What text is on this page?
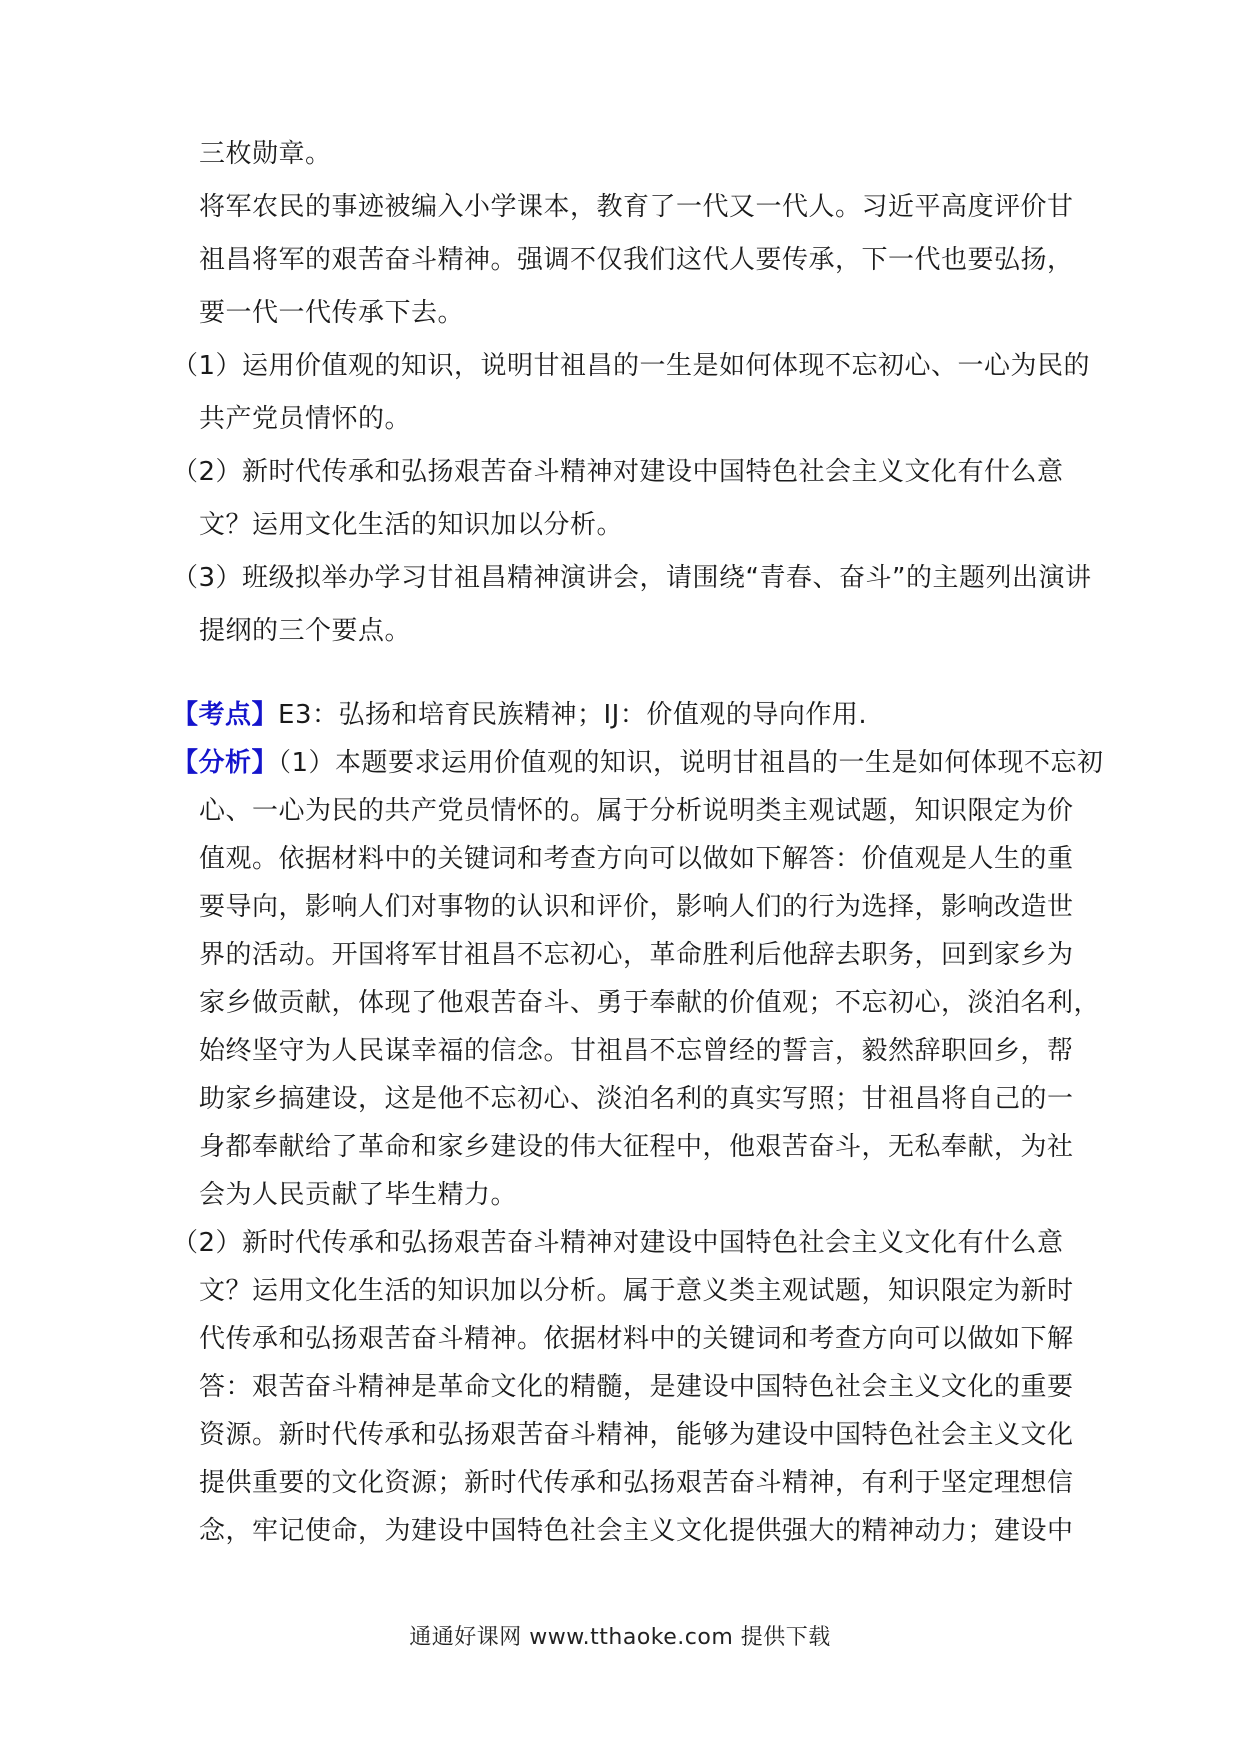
三枚勋章。
将军农民的事迹被编入小学课本，教育了一代又一代人。习近平高度评价甘
祖昌将军的艰苦奋斗精神。强调不仅我们这代人要传承，下一代也要弘扬，
要一代一代传承下去。
（1）运用价值观的知识，说明甘祖昌的一生是如何体现不忘初心、一心为民的
共产党员情怀的。
（2）新时代传承和弘扬艰苦奋斗精神对建设中国特色社会主义文化有什么意
文？运用文化生活的知识加以分析。
（3）班级拟举办学习甘祖昌精神演讲会，请围绕“青春、奋斗”的主题列出演讲
提纲的三个要点。
【考点】E3：弘扬和培育民族精神；IJ：价值观的导向作用.
【分析】（1）本题要求运用价值观的知识，说明甘祖昌的一生是如何体现不忘初
心、一心为民的共产党员情怀的。属于分析说明类主观试题，知识限定为价
值观。依据材料中的关键词和考查方向可以做如下解答：价值观是人生的重
要导向，影响人们对事物的认识和评价，影响人们的行为选择，影响改造世
界的活动。开国将军甘祖昌不忘初心，革命胜利后他辞去职务，回到家乡为
家乡做贡献，体现了他艰苦奋斗、勇于奉献的价值观；不忘初心，淡泊名利，
始终坚守为人民谋幸福的信念。甘祖昌不忘曾经的誓言，毅然辞职回乡，帮
助家乡搞建设，这是他不忘初心、淡泊名利的真实写照；甘祖昌将自己的一
身都奉献给了革命和家乡建设的伟大征程中，他艰苦奋斗，无私奉献，为社
会为人民贡献了毕生精力。
（2）新时代传承和弘扬艰苦奋斗精神对建设中国特色社会主义文化有什么意
文？运用文化生活的知识加以分析。属于意义类主观试题，知识限定为新时
代传承和弘扬艰苦奋斗精神。依据材料中的关键词和考查方向可以做如下解
答：艰苦奋斗精神是革命文化的精髓，是建设中国特色社会主义文化的重要
资源。新时代传承和弘扬艰苦奋斗精神，能够为建设中国特色社会主义文化
提供重要的文化资源；新时代传承和弘扬艰苦奋斗精神，有利于坚定理想信
念，牢记使命，为建设中国特色社会主义文化提供强大的精神动力；建设中
通通好课网 www.tthaoke.com 提供下载
